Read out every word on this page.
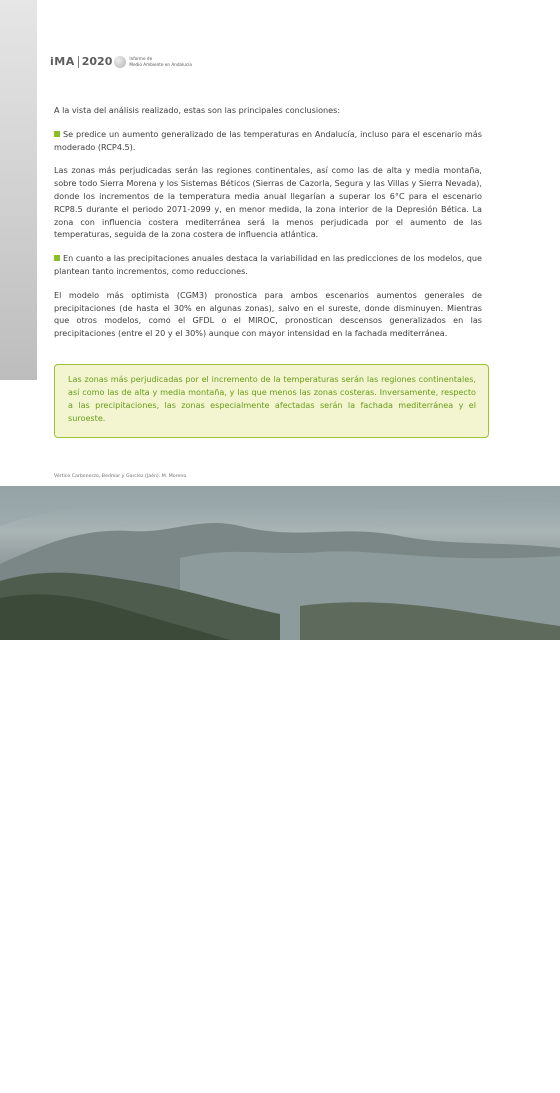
iMA 2020	Informe de
Medio Ambiente en Andalucía

A la vista del análisis realizado, estas son las principales conclusiones:

Se predice un aumento generalizado de las temperaturas en Andalucía, incluso para el escenario más moderado (RCP4.5).

Las zonas más perjudicadas serán las regiones continentales, así como las de alta y media montaña, sobre todo Sierra Morena y los Sistemas Béticos (Sierras de Cazorla, Segura y las Villas y Sierra Nevada), donde los incrementos de la temperatura media anual llegarían a superar los 6°C para el escenario RCP8.5 durante el periodo 2071-2099 y, en menor medida, la zona interior de la Depresión Bética. La zona con influencia costera mediterránea será la menos perjudicada por el aumento de las temperaturas, seguida de la zona costera de influencia atlántica.

En cuanto a las precipitaciones anuales destaca la variabilidad en las predicciones de los modelos, que plantean tanto incrementos, como reducciones.

El modelo más optimista (CGM3) pronostica para ambos escenarios aumentos generales de precipitaciones (de hasta el 30% en algunas zonas), salvo en el sureste, donde disminuyen. Mientras que otros modelos, como el GFDL o el MIROC, pronostican descensos generalizados en las precipitaciones (entre el 20 y el 30%) aunque con mayor intensidad en la fachada mediterránea.

Las zonas más perjudicadas por el incremento de la temperaturas serán las regiones continentales, así como las de alta y media montaña, y las que menos las zonas costeras. Inversamente, respecto a las precipitaciones, las zonas especialmente afectadas serán la fachada mediterránea y el suroeste.
Vértice Carbonerzo, Bedmar y Garcíez (Jaén). M. Moreno.
62
